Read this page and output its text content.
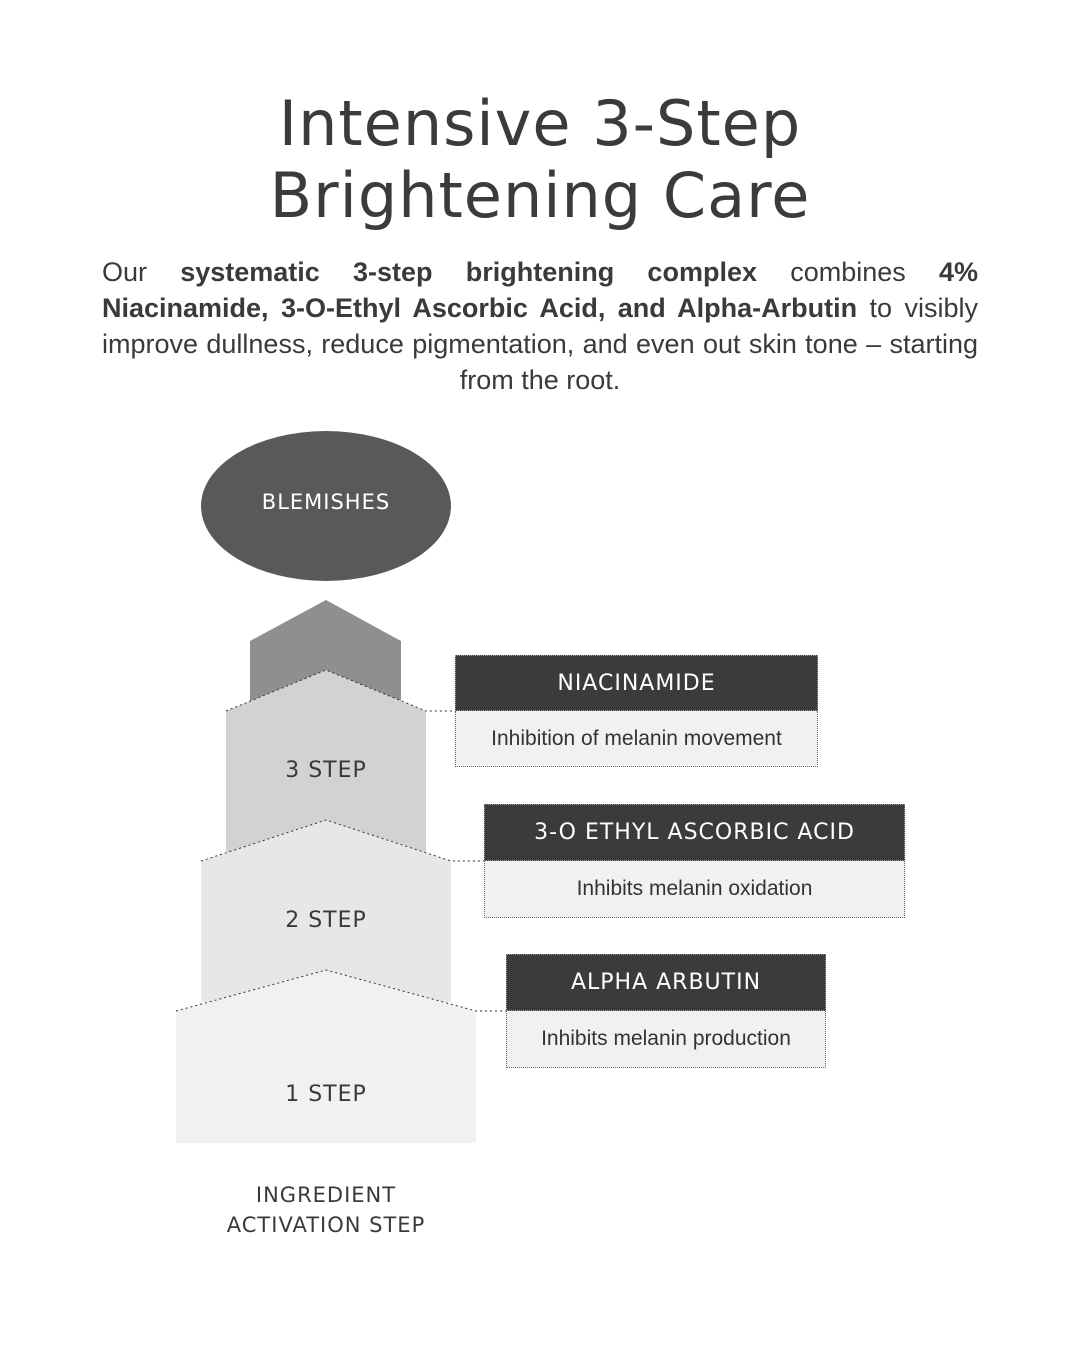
Intensive 3-Step
Brightening Care
Our systematic 3-step brightening complex combines 4% Niacinamide, 3-O-Ethyl Ascorbic Acid, and Alpha-Arbutin to visibly improve dullness, reduce pigmentation, and even out skin tone – starting from the root.
BLEMISHES
3 STEP
2 STEP
1 STEP
NIACINAMIDE
Inhibition of melanin movement
3-O ETHYL ASCORBIC ACID
Inhibits melanin oxidation
ALPHA ARBUTIN
Inhibits melanin production
INGREDIENT
ACTIVATION STEP
